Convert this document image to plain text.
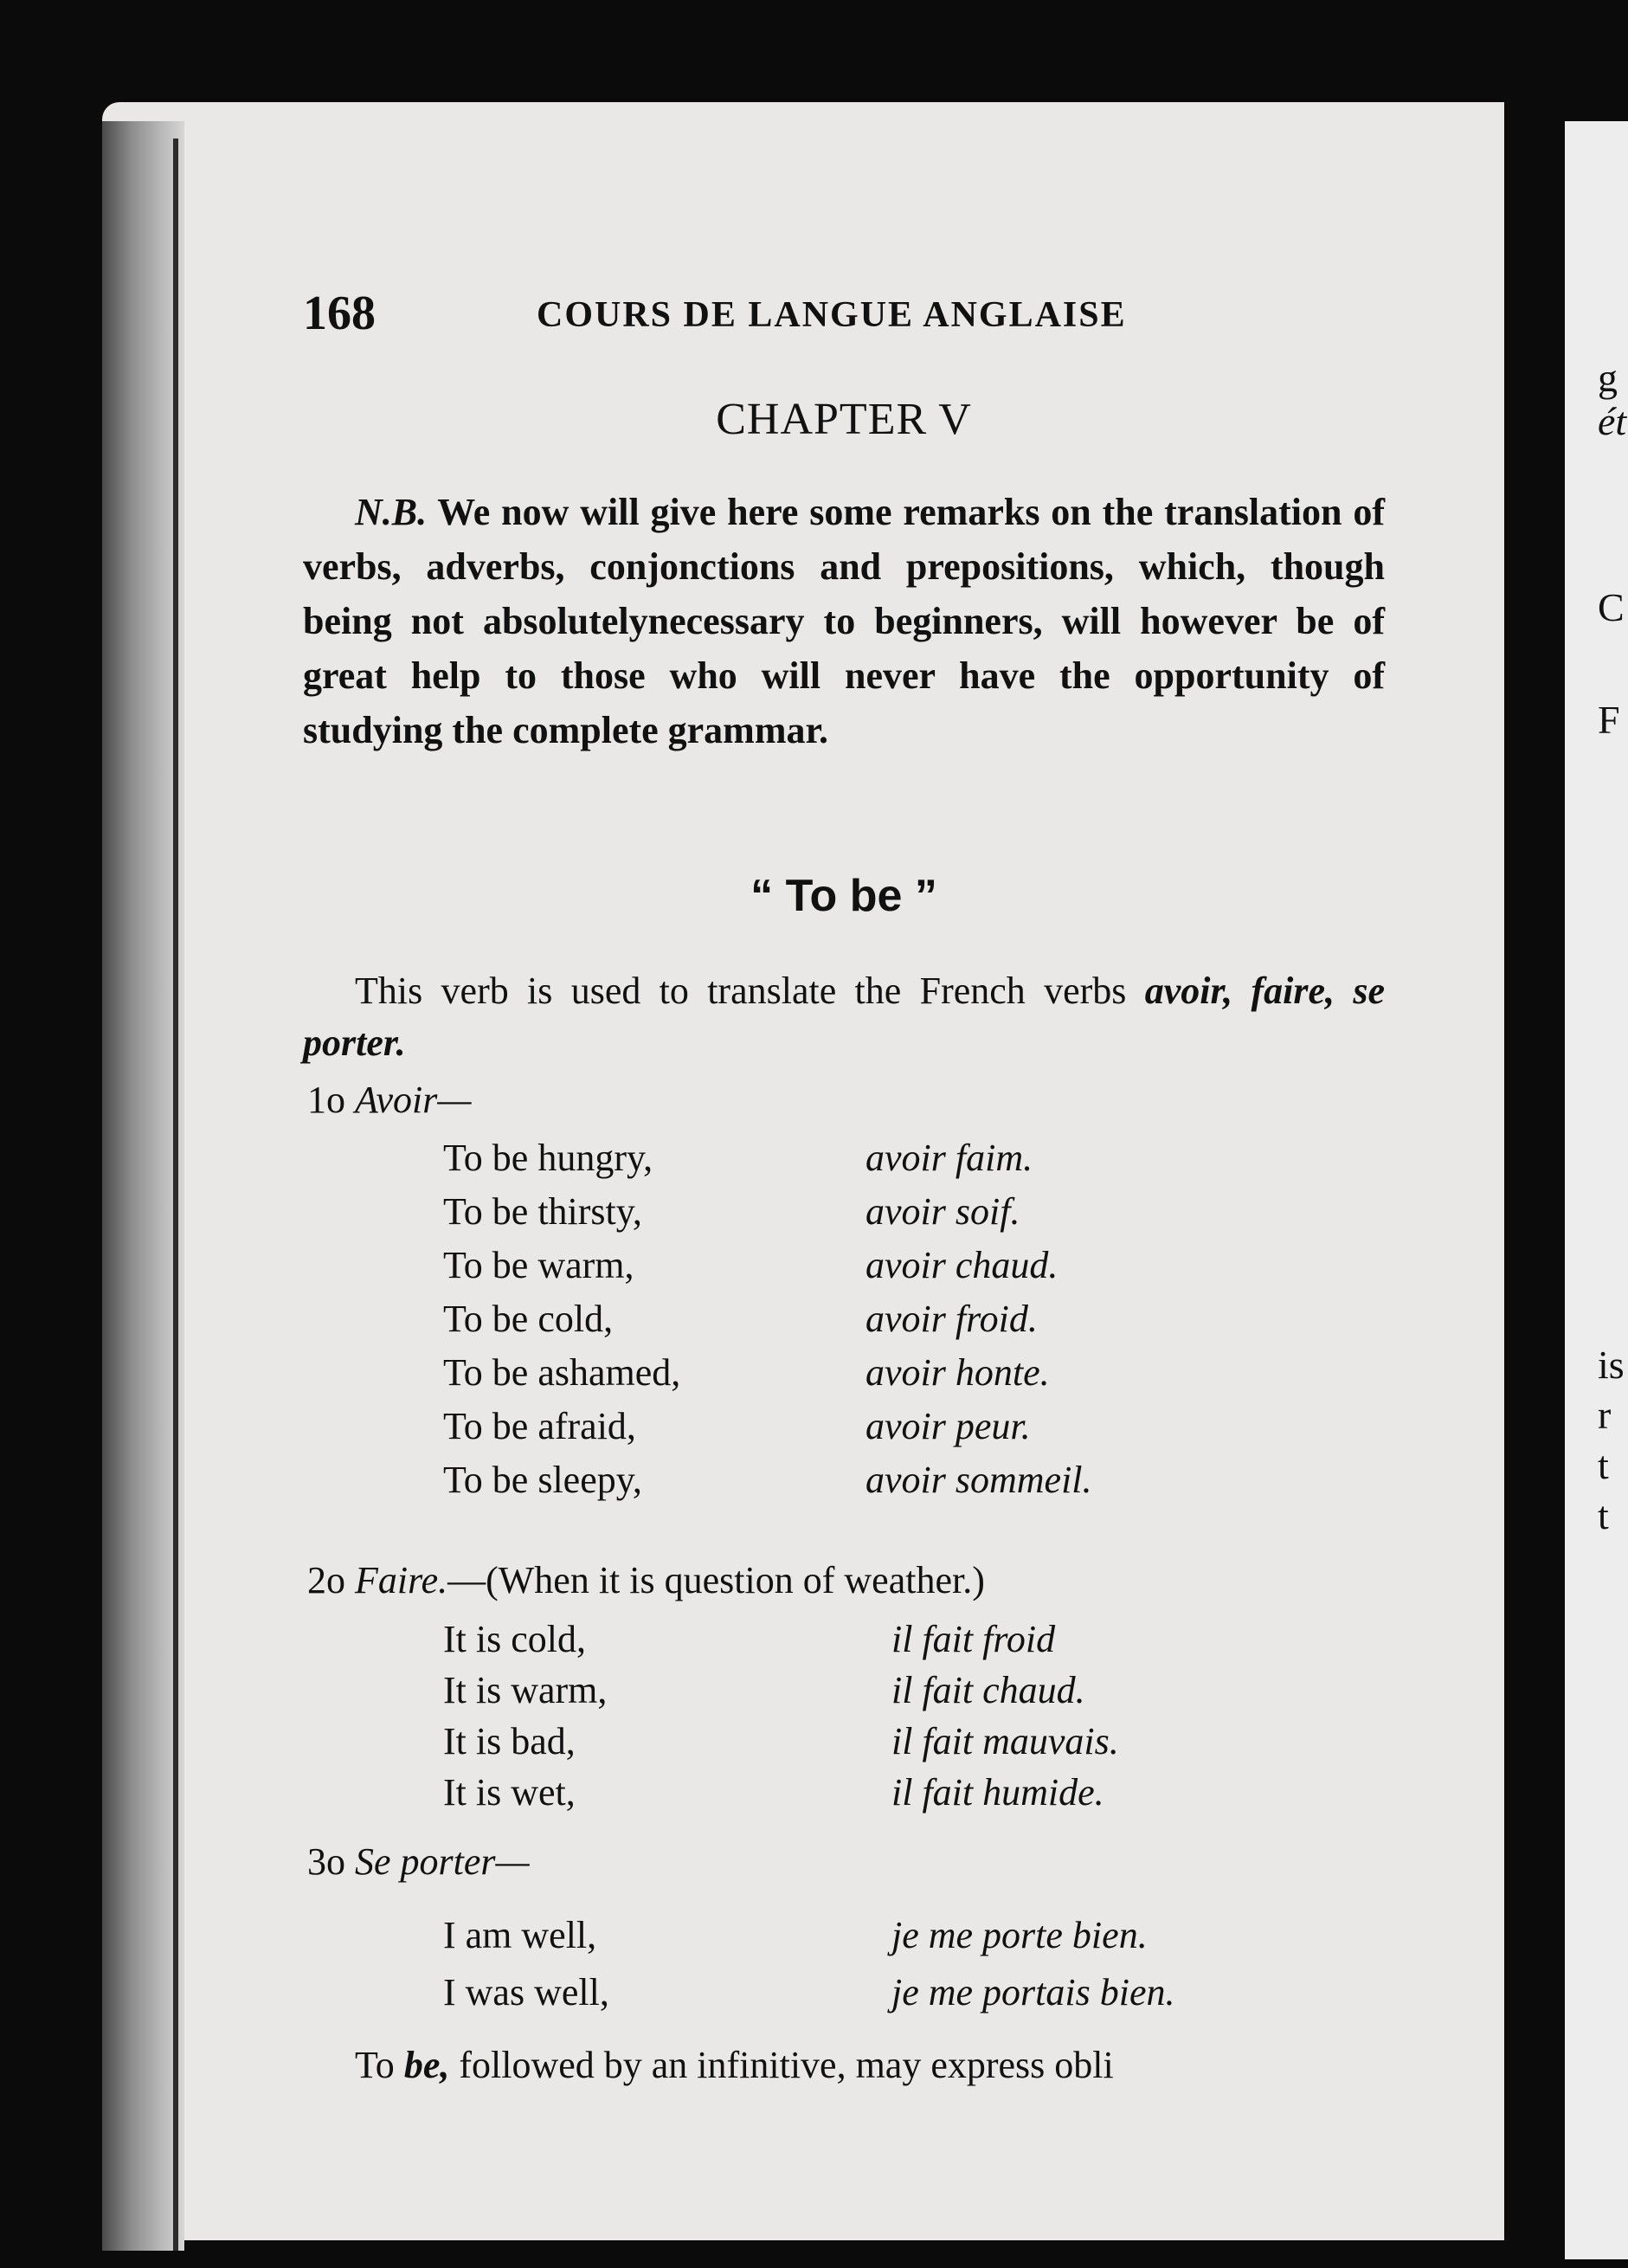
g
ét
C
F
is
r
t
t
168	COURS DE LANGUE ANGLAISE
CHAPTER V
N.B. We now will give here some remarks on the translation of verbs, adverbs, conjonctions and prepositions, which, though being not absolutelynecessary to beginners, will however be of great help to those who will never have the opportunity of studying the complete grammar.
“ To be ”
This verb is used to translate the French verbs avoir, faire, se porter.
1o Avoir—
To be hungry,	avoir faim.
To be thirsty,	avoir soif.
To be warm,	avoir chaud.
To be cold,	avoir froid.
To be ashamed,	avoir honte.
To be afraid,	avoir peur.
To be sleepy,	avoir sommeil.
2o Faire.—(When it is question of weather.)
It is cold,	il fait froid
It is warm,	il fait chaud.
It is bad,	il fait mauvais.
It is wet,	il fait humide.
3o Se porter—
I am well,	je me porte bien.
I was well,	je me portais bien.
To be, followed by an infinitive, may express obli
